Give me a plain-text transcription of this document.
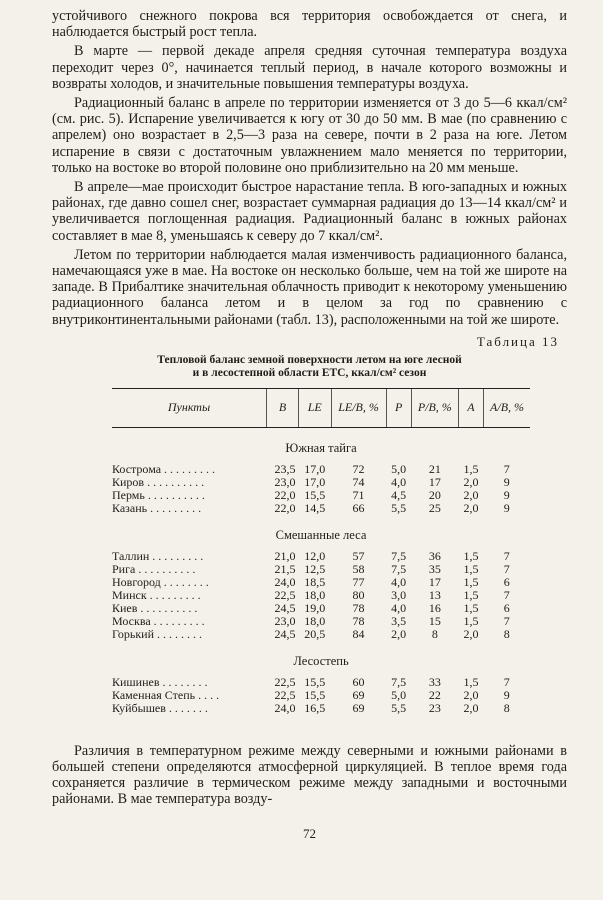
устойчивого снежного покрова вся территория освобождается от снега, и наблюдается быстрый рост тепла.

В марте — первой декаде апреля средняя суточная температура воздуха переходит через 0°, начинается теплый период, в начале которого возможны и возвраты холодов, и значительные повышения температуры воздуха.

Радиационный баланс в апреле по территории изменяется от 3 до 5—6 ккал/см² (см. рис. 5). Испарение увеличивается к югу от 30 до 50 мм. В мае (по сравнению с апрелем) оно возрастает в 2,5—3 раза на севере, почти в 2 раза на юге. Летом испарение в связи с достаточным увлажнением мало меняется по территории, только на востоке во второй половине оно приблизительно на 20 мм меньше.

В апреле—мае происходит быстрое нарастание тепла. В юго-западных и южных районах, где давно сошел снег, возрастает суммарная радиация до 13—14 ккал/см² и увеличивается поглощенная радиация. Радиационный баланс в южных районах составляет в мае 8, уменьшаясь к северу до 7 ккал/см².

Летом по территории наблюдается малая изменчивость радиационного баланса, намечающаяся уже в мае. На востоке он несколько больше, чем на той же широте на западе. В Прибалтике значительная облачность приводит к некоторому уменьшению радиационного баланса летом и в целом за год по сравнению с внутриконтинентальными районами (табл. 13), расположенными на той же широте.

Таблица 13
Тепловой баланс земной поверхности летом на юге лесной
и в лесостепной области ЕТС, ккал/см² сезон
Пункты	B	LE	LE/B, %	P	P/B, %	A	A/B, %
Южная тайга							
Кострома . . . . . . . . .	23,5	17,0	72	5,0	21	1,5	7
Киров . . . . . . . . . .	23,0	17,0	74	4,0	17	2,0	9
Пермь . . . . . . . . . .	22,0	15,5	71	4,5	20	2,0	9
Казань . . . . . . . . .	22,0	14,5	66	5,5	25	2,0	9
Смешанные леса							
Таллин . . . . . . . . .	21,0	12,0	57	7,5	36	1,5	7
Рига . . . . . . . . . .	21,5	12,5	58	7,5	35	1,5	7
Новгород . . . . . . . .	24,0	18,5	77	4,0	17	1,5	6
Минск . . . . . . . . .	22,5	18,0	80	3,0	13	1,5	7
Киев . . . . . . . . . .	24,5	19,0	78	4,0	16	1,5	6
Москва . . . . . . . . .	23,0	18,0	78	3,5	15	1,5	7
Горький . . . . . . . .	24,5	20,5	84	2,0	8	2,0	8
Лесостепь							
Кишинев . . . . . . . .	22,5	15,5	60	7,5	33	1,5	7
Каменная Степь . . . .	22,5	15,5	69	5,0	22	2,0	9
Куйбышев . . . . . . .	24,0	16,5	69	5,5	23	2,0	8

Различия в температурном режиме между северными и южными районами в большей степени определяются атмосферной циркуляцией. В теплое время года сохраняется различие в термическом режиме между западными и восточными районами. В мае температура возду-

72
